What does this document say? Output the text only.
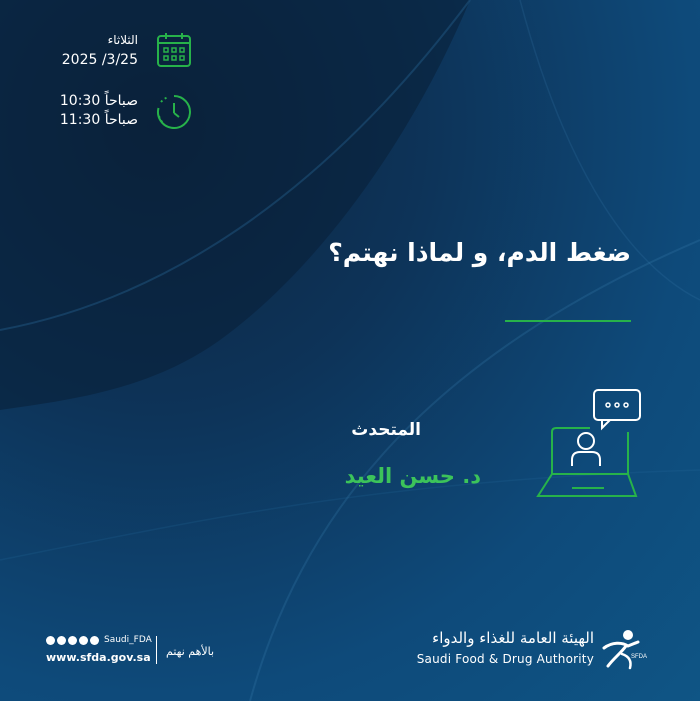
الثلاثاء
2025 /3/25
10:30 صباحاً
11:30 صباحاً
ضغط الدم، و لماذا نهتم؟
المتحدث
د. حسن العيد
Saudi_FDA
www.sfda.gov.sa بالأهم نهتم
الهيئة العامة للغذاء والدواء
Saudi Food & Drug Authority	SFDA
